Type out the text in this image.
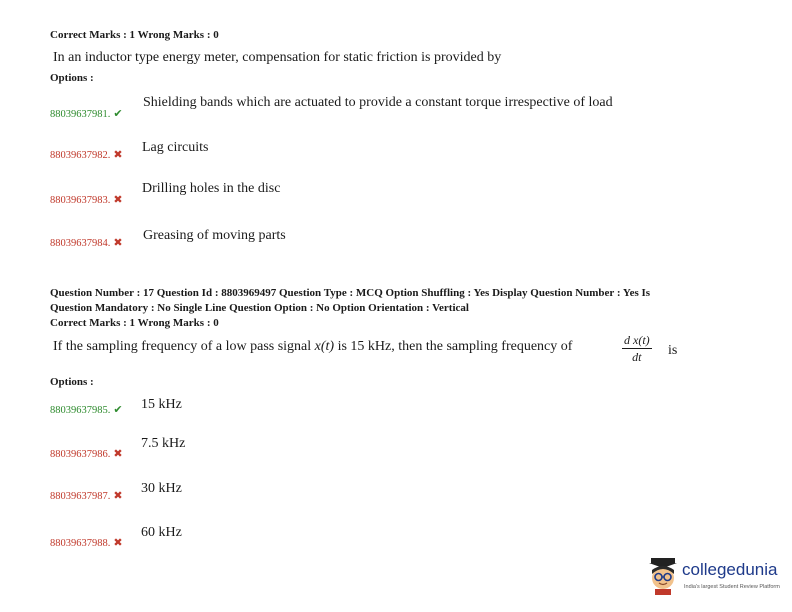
Correct Marks : 1 Wrong Marks : 0
In an inductor type energy meter, compensation for static friction is provided by
Options :
88039637981. ✔
Shielding bands which are actuated to provide a constant torque irrespective of load
88039637982. ✖ Lag circuits
88039637983. ✖
Drilling holes in the disc
88039637984. ✖ Greasing of moving parts
Question Number : 17 Question Id : 8803969497 Question Type : MCQ Option Shuffling : Yes Display Question Number : Yes Is
Question Mandatory : No Single Line Question Option : No Option Orientation : Vertical
Correct Marks : 1 Wrong Marks : 0
If the sampling frequency of a low pass signal x(t) is 15 kHz, then the sampling frequency of	$\frac{\text{d x(t)}}{dt}$ is
Options :
88039637985. ✔ 15 kHz
88039637986. ✖
7.5 kHz
88039637987. ✖ 30 kHz
88039637988. ✖
60 kHz
collegedunia
India's largest Student Review Platform
